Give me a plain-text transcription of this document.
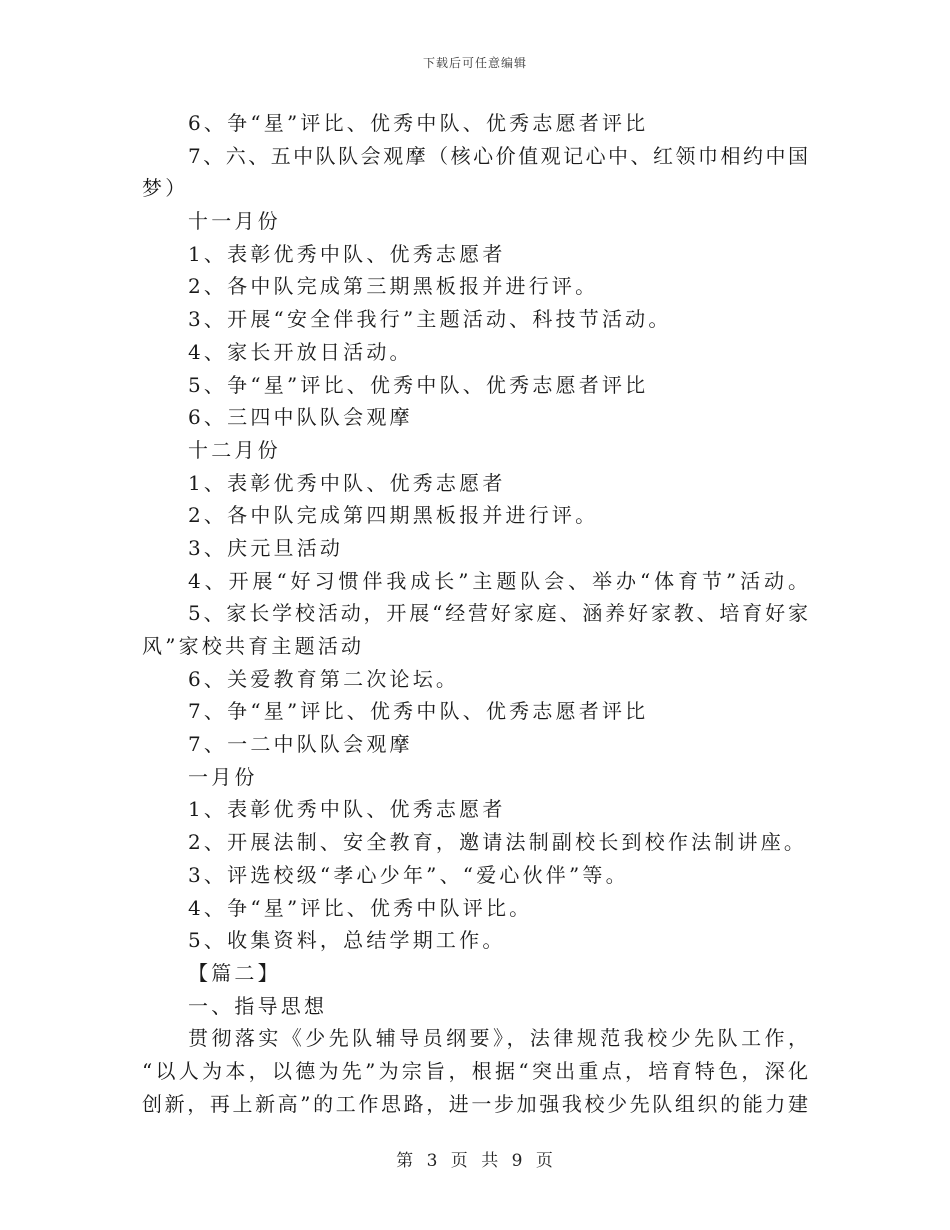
下载后可任意编辑
6、争“星”评比、优秀中队、优秀志愿者评比
7、六、五中队队会观摩（核心价值观记心中、红领巾相约中国
梦）
十一月份
1、表彰优秀中队、优秀志愿者
2、各中队完成第三期黑板报并进行评。
3、开展“安全伴我行”主题活动、科技节活动。
4、家长开放日活动。
5、争“星”评比、优秀中队、优秀志愿者评比
6、三四中队队会观摩
十二月份
1、表彰优秀中队、优秀志愿者
2、各中队完成第四期黑板报并进行评。
3、庆元旦活动
4、开展“好习惯伴我成长”主题队会、举办“体育节”活动。
5、家长学校活动，开展“经营好家庭、涵养好家教、培育好家
风”家校共育主题活动
6、关爱教育第二次论坛。
7、争“星”评比、优秀中队、优秀志愿者评比
7、一二中队队会观摩
一月份
1、表彰优秀中队、优秀志愿者
2、开展法制、安全教育，邀请法制副校长到校作法制讲座。
3、评选校级“孝心少年”、“爱心伙伴”等。
4、争“星”评比、优秀中队评比。
5、收集资料，总结学期工作。
【篇二】
一、指导思想
贯彻落实《少先队辅导员纲要》，法律规范我校少先队工作，
“以人为本，以德为先”为宗旨，根据“突出重点，培育特色，深化
创新，再上新高”的工作思路，进一步加强我校少先队组织的能力建
第 3 页 共 9 页
